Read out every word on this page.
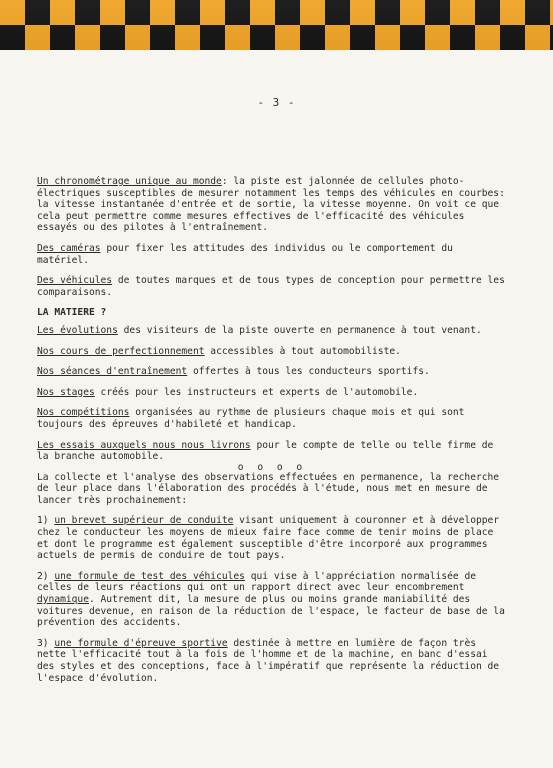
- 3 -

Un chronométrage unique au monde: la piste est jalonnée de cellules photo-électriques susceptibles de mesurer notamment les temps des véhicules en courbes: la vitesse instantanée d'entrée et de sortie, la vitesse moyenne. On voit ce que cela peut permettre comme mesures effectives de l'efficacité des véhicules essayés ou des pilotes à l'entraînement.

Des caméras pour fixer les attitudes des individus ou le comportement du matériel.

Des véhicules de toutes marques et de tous types de conception pour permettre les comparaisons.

LA MATIERE ?

Les évolutions des visiteurs de la piste ouverte en permanence à tout venant.

Nos cours de perfectionnement accessibles à tout automobiliste.

Nos séances d'entraînement offertes à tous les conducteurs sportifs.

Nos stages créés pour les instructeurs et experts de l'automobile.

Nos compétitions organisées au rythme de plusieurs chaque mois et qui sont toujours des épreuves d'habileté et handicap.

Les essais auxquels nous nous livrons pour le compte de telle ou telle firme de la branche automobile.

o o o o

La collecte et l'analyse des observations effectuées en permanence, la recherche de leur place dans l'élaboration des procédés à l'étude, nous met en mesure de lancer très prochainement:

1) un brevet supérieur de conduite visant uniquement à couronner et à développer chez le conducteur les moyens de mieux faire face comme de tenir moins de place et dont le programme est également susceptible d'être incorporé aux programmes actuels de permis de conduire de tout pays.

2) une formule de test des véhicules qui vise à l'appréciation normalisée de celles de leurs réactions qui ont un rapport direct avec leur encombrement dynamique. Autrement dit, la mesure de plus ou moins grande maniabilité des voitures devenue, en raison de la réduction de l'espace, le facteur de base de la prévention des accidents.

3) une formule d'épreuve sportive destinée à mettre en lumière de façon très nette l'efficacité tout à la fois de l'homme et de la machine, en banc d'essai des styles et des conceptions, face à l'impératif que représente la réduction de l'espace d'évolution.
